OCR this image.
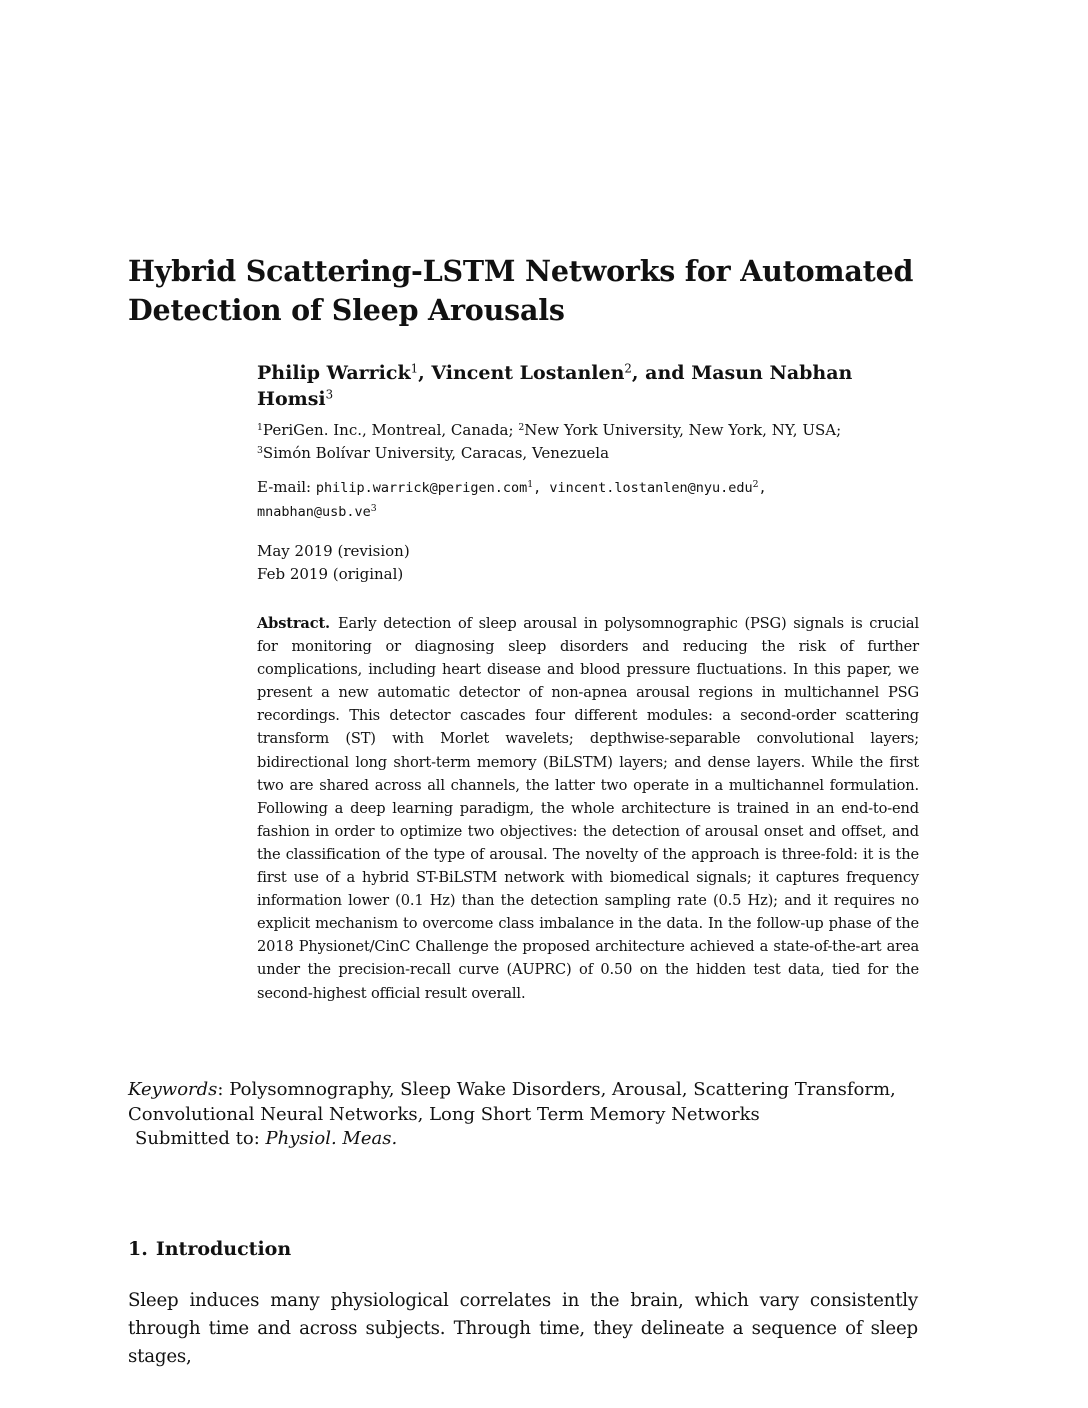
Hybrid Scattering-LSTM Networks for Automated Detection of Sleep Arousals

Philip Warrick$^1$, Vincent Lostanlen$^2$, and Masun Nabhan Homsi$^3$

$^1$PeriGen. Inc., Montreal, Canada; $^2$New York University, New York, NY, USA;
$^3$Simón Bolívar University, Caracas, Venezuela
E-mail: philip.warrick@perigen.com$^1$, vincent.lostanlen@nyu.edu$^2$,
$mnabhan@usb.ve^3$
May 2019 (revision)
Feb 2019 (original)

Abstract. Early detection of sleep arousal in polysomnographic (PSG) signals is crucial for monitoring or diagnosing sleep disorders and reducing the risk of further complications, including heart disease and blood pressure fluctuations. In this paper, we present a new automatic detector of non-apnea arousal regions in multichannel PSG recordings. This detector cascades four different modules: a second-order scattering transform (ST) with Morlet wavelets; depthwise-separable convolutional layers; bidirectional long short-term memory (BiLSTM) layers; and dense layers. While the first two are shared across all channels, the latter two operate in a multichannel formulation. Following a deep learning paradigm, the whole architecture is trained in an end-to-end fashion in order to optimize two objectives: the detection of arousal onset and offset, and the classification of the type of arousal. The novelty of the approach is three-fold: it is the first use of a hybrid ST-BiLSTM network with biomedical signals; it captures frequency information lower (0.1 Hz) than the detection sampling rate (0.5 Hz); and it requires no explicit mechanism to overcome class imbalance in the data. In the follow-up phase of the 2018 Physionet/CinC Challenge the proposed architecture achieved a state-of-the-art area under the precision-recall curve (AUPRC) of 0.50 on the hidden test data, tied for the second-highest official result overall.

Keywords: Polysomnography, Sleep Wake Disorders, Arousal, Scattering Transform,
Convolutional Neural Networks, Long Short Term Memory Networks
Submitted to: Physiol. Meas.
1. Introduction

Sleep induces many physiological correlates in the brain, which vary consistently through time and across subjects. Through time, they delineate a sequence of sleep stages,
